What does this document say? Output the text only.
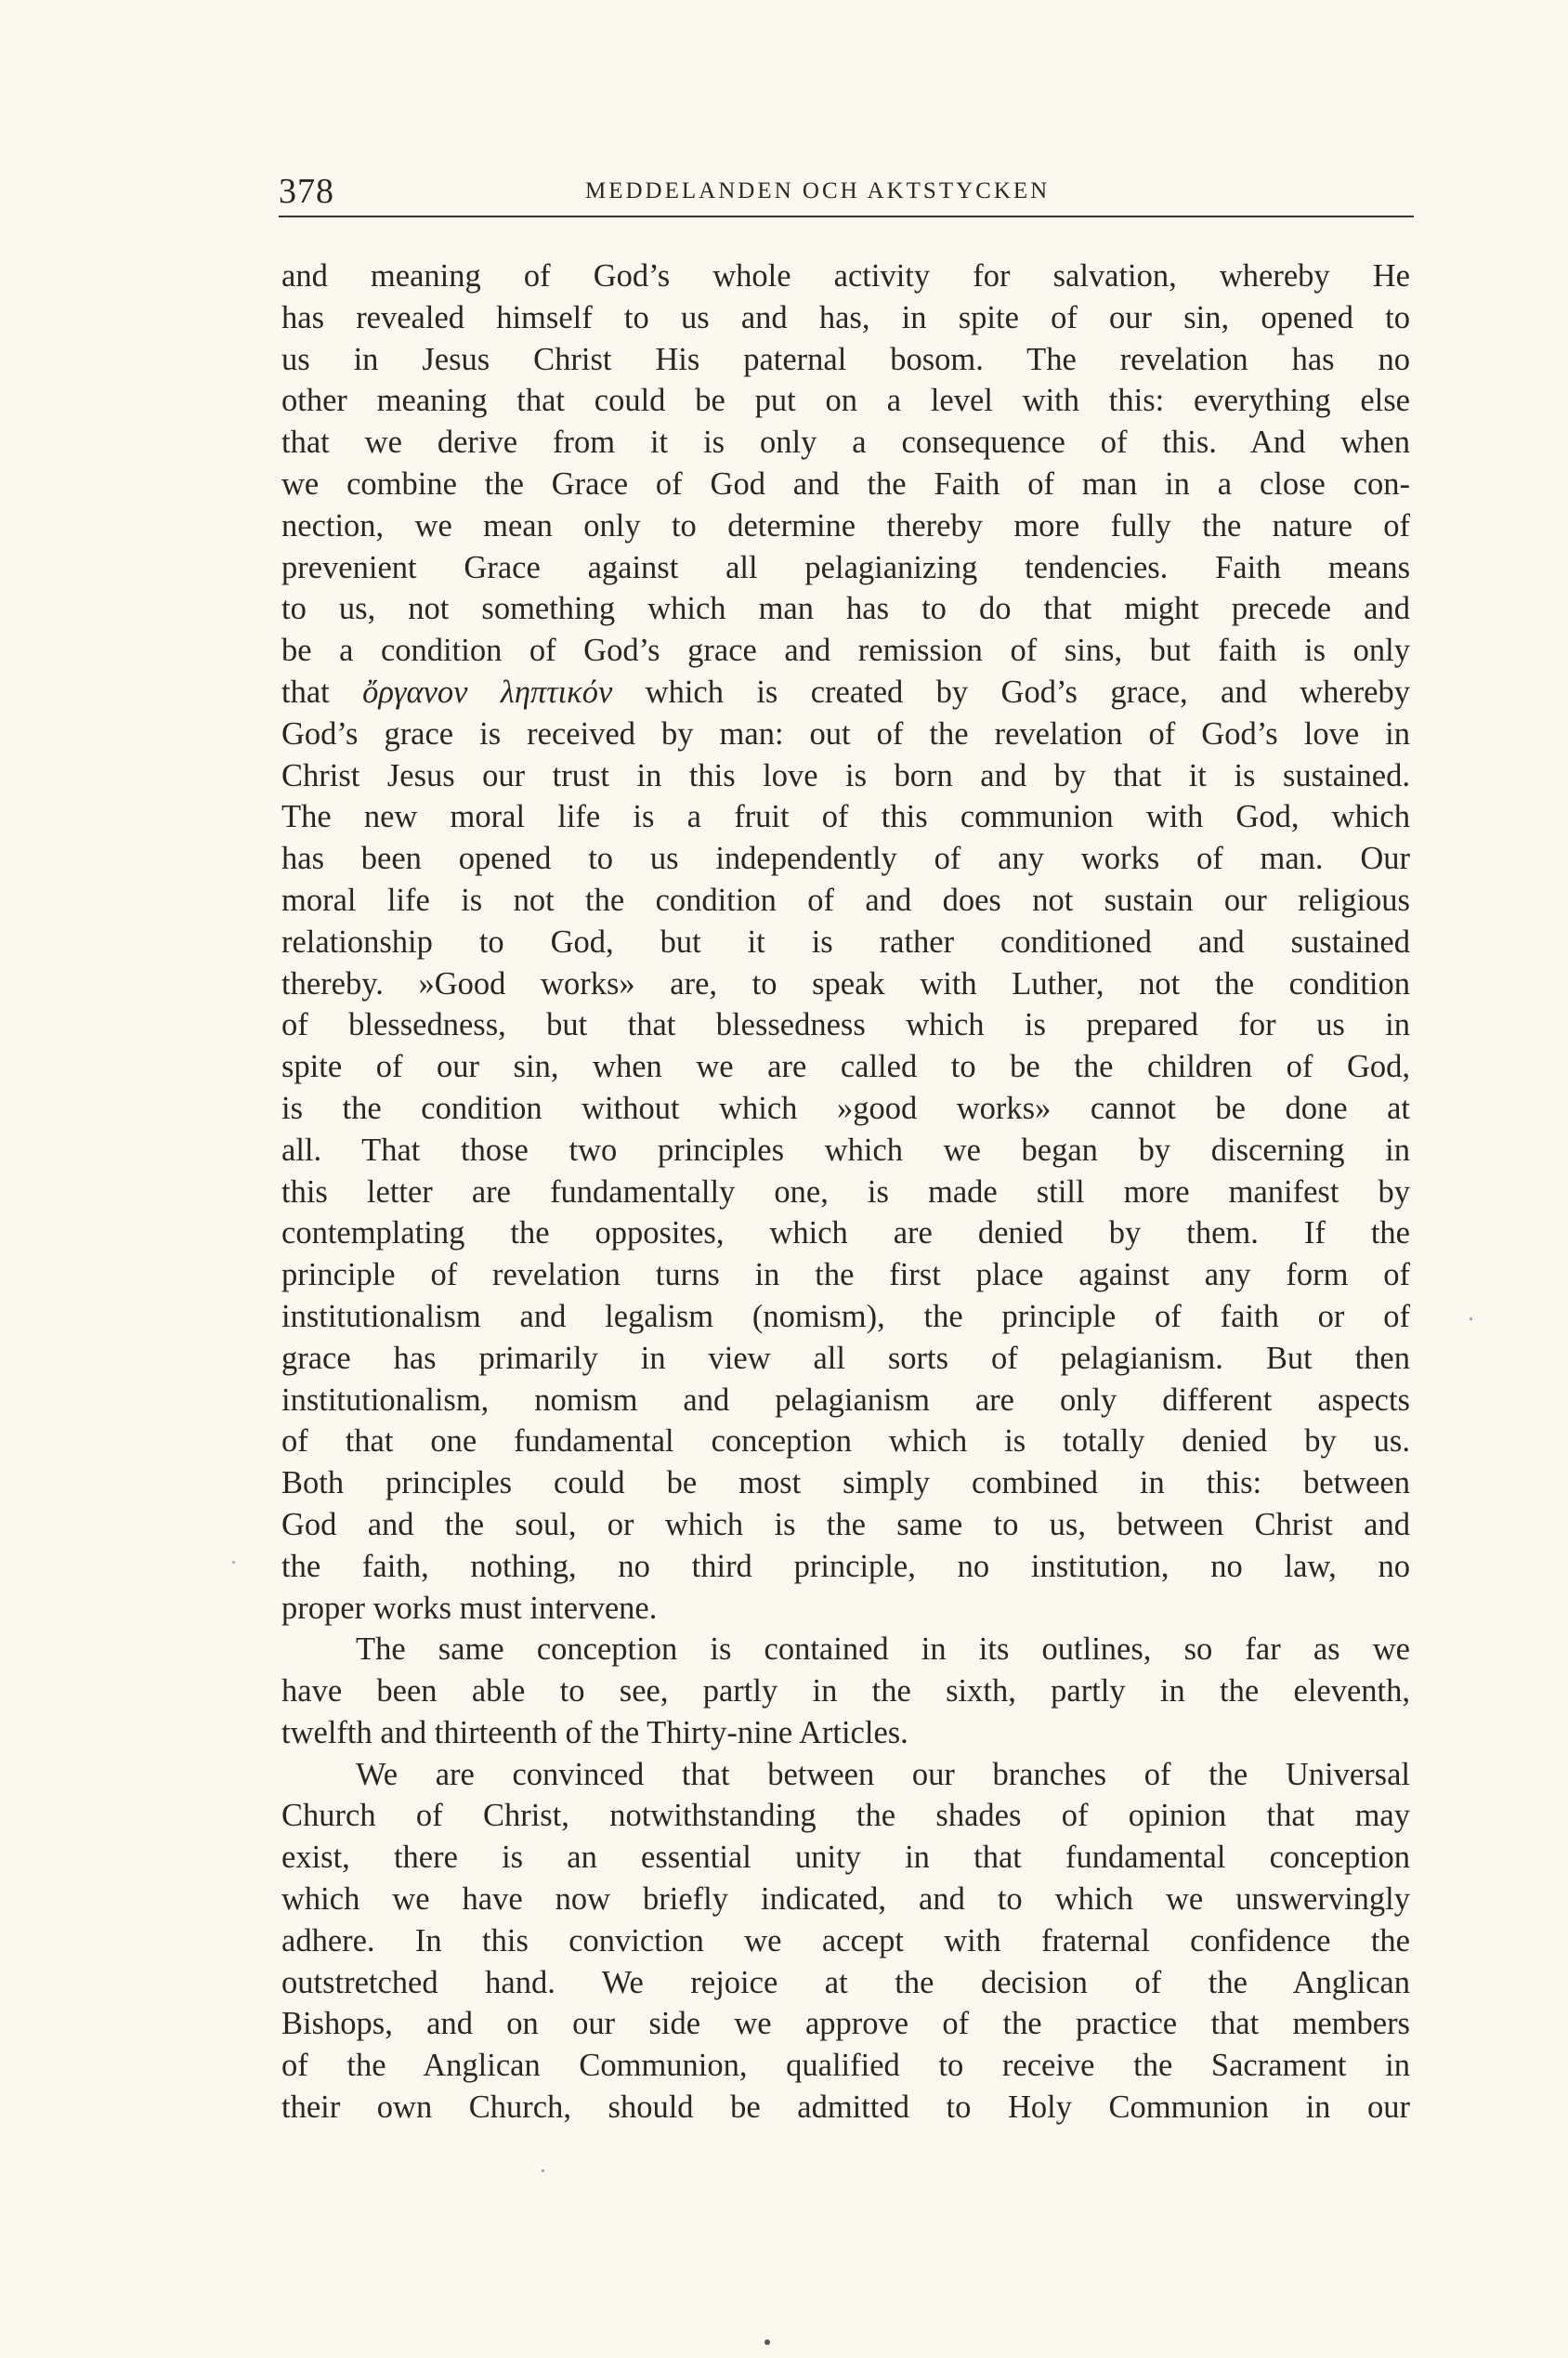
378	MEDDELANDEN OCH AKTSTYCKEN
and meaning of God’s whole activity for salvation, whereby He
has revealed himself to us and has, in spite of our sin, opened to
us in Jesus Christ His paternal bosom. The revelation has no
other meaning that could be put on a level with this: everything else
that we derive from it is only a consequence of this. And when
we combine the Grace of God and the Faith of man in a close con-
nection, we mean only to determine thereby more fully the nature of
prevenient Grace against all pelagianizing tendencies. Faith means
to us, not something which man has to do that might precede and
be a condition of God’s grace and remission of sins, but faith is only
that ὄργανον ληπτικόν which is created by God’s grace, and whereby
God’s grace is received by man: out of the revelation of God’s love in
Christ Jesus our trust in this love is born and by that it is sustained.
The new moral life is a fruit of this communion with God, which
has been opened to us independently of any works of man. Our
moral life is not the condition of and does not sustain our religious
relationship to God, but it is rather conditioned and sustained
thereby. »Good works» are, to speak with Luther, not the condition
of blessedness, but that blessedness which is prepared for us in
spite of our sin, when we are called to be the children of God,
is the condition without which »good works» cannot be done at
all. That those two principles which we began by discerning in
this letter are fundamentally one, is made still more manifest by
contemplating the opposites, which are denied by them. If the
principle of revelation turns in the first place against any form of
institutionalism and legalism (nomism), the principle of faith or of
grace has primarily in view all sorts of pelagianism. But then
institutionalism, nomism and pelagianism are only different aspects
of that one fundamental conception which is totally denied by us.
Both principles could be most simply combined in this: between
God and the soul, or which is the same to us, between Christ and
the faith, nothing, no third principle, no institution, no law, no
proper works must intervene.
The same conception is contained in its outlines, so far as we
have been able to see, partly in the sixth, partly in the eleventh,
twelfth and thirteenth of the Thirty-nine Articles.
We are convinced that between our branches of the Universal
Church of Christ, notwithstanding the shades of opinion that may
exist, there is an essential unity in that fundamental conception
which we have now briefly indicated, and to which we unswervingly
adhere. In this conviction we accept with fraternal confidence the
outstretched hand. We rejoice at the decision of the Anglican
Bishops, and on our side we approve of the practice that members
of the Anglican Communion, qualified to receive the Sacrament in
their own Church, should be admitted to Holy Communion in our
